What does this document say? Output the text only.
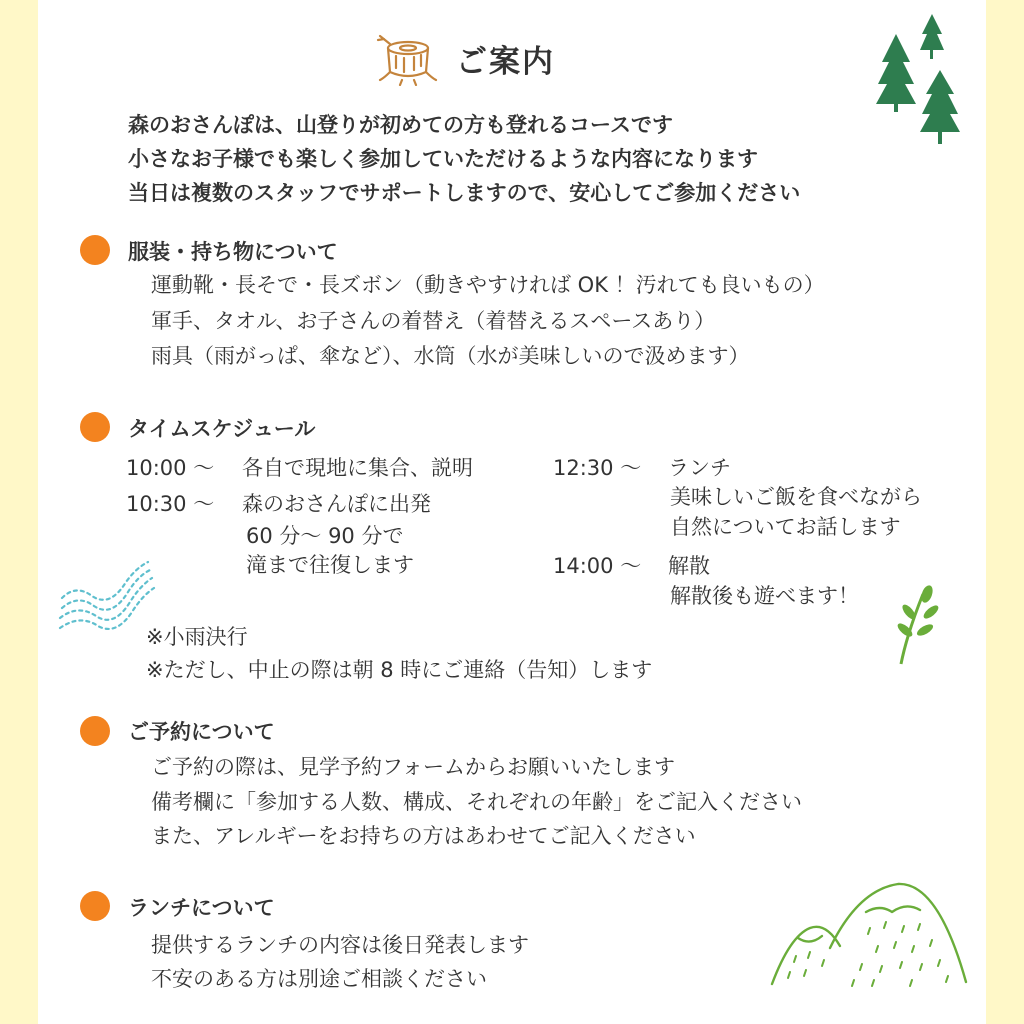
ご案内
森のおさんぽは、山登りが初めての方も登れるコースです
小さなお子様でも楽しく参加していただけるような内容になります
当日は複数のスタッフでサポートしますので、安心してご参加ください
服装・持ち物について
運動靴・長そで・長ズボン（動きやすければ OK ！汚れても良いもの）
軍手、タオル、お子さんの着替え（着替えるスペースあり）
雨具（雨がっぱ、傘など）、水筒（水が美味しいので汲めます）
タイムスケジュール
10:00 〜 各自で現地に集合、説明
10:30 〜 森のおさんぽに出発
60 分〜 90 分で
滝まで往復します
12:30 〜 ランチ
美味しいご飯を食べながら
自然についてお話します
14:00 〜 解散
解散後も遊べます！
※小雨決行
※ただし、中止の際は朝 8 時にご連絡（告知）します
ご予約について
ご予約の際は、見学予約フォームからお願いいたします
備考欄に「参加する人数、構成、それぞれの年齢」をご記入ください
また、アレルギーをお持ちの方はあわせてご記入ください
ランチについて
提供するランチの内容は後日発表します
不安のある方は別途ご相談ください
